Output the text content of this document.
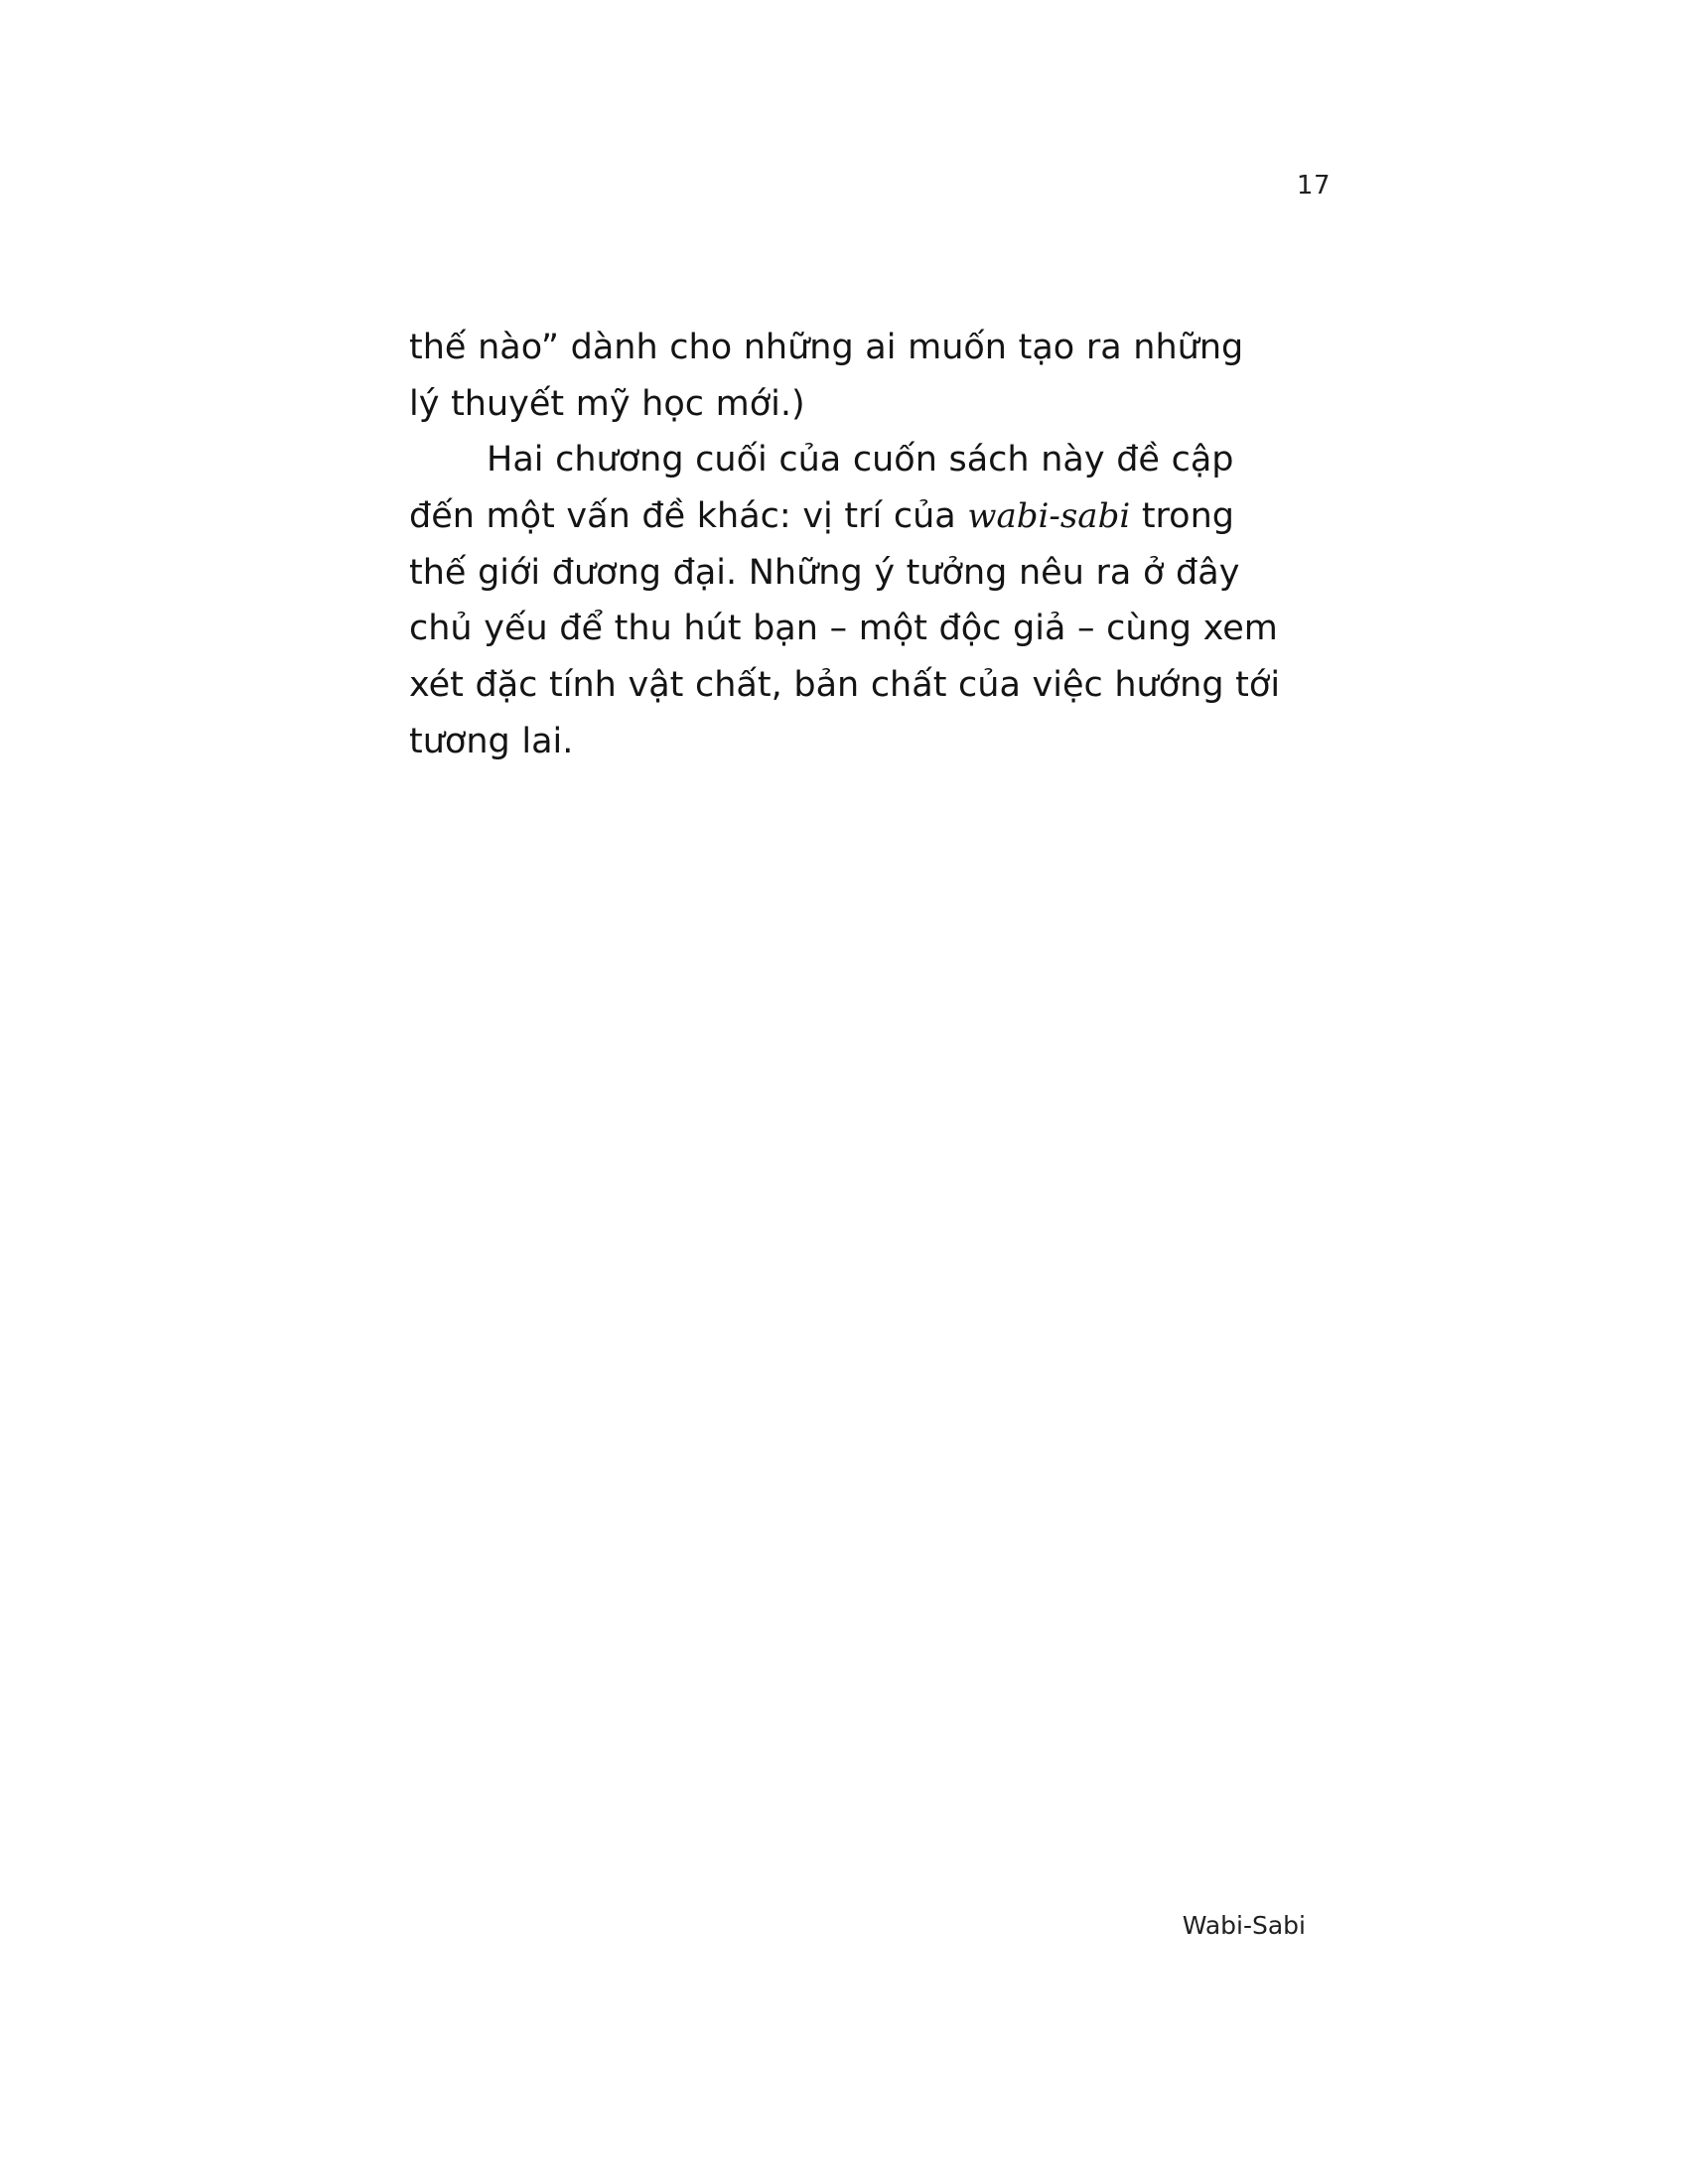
17

thế nào” dành cho những ai muốn tạo ra những
lý thuyết mỹ học mới.)

Hai chương cuối của cuốn sách này đề cập đến một vấn đề khác: vị trí của wabi-sabi trong thế giới đương đại. Những ý tưởng nêu ra ở đây chủ yếu để thu hút bạn – một độc giả – cùng xem xét đặc tính vật chất, bản chất của việc hướng tới tương lai.

Wabi-Sabi
